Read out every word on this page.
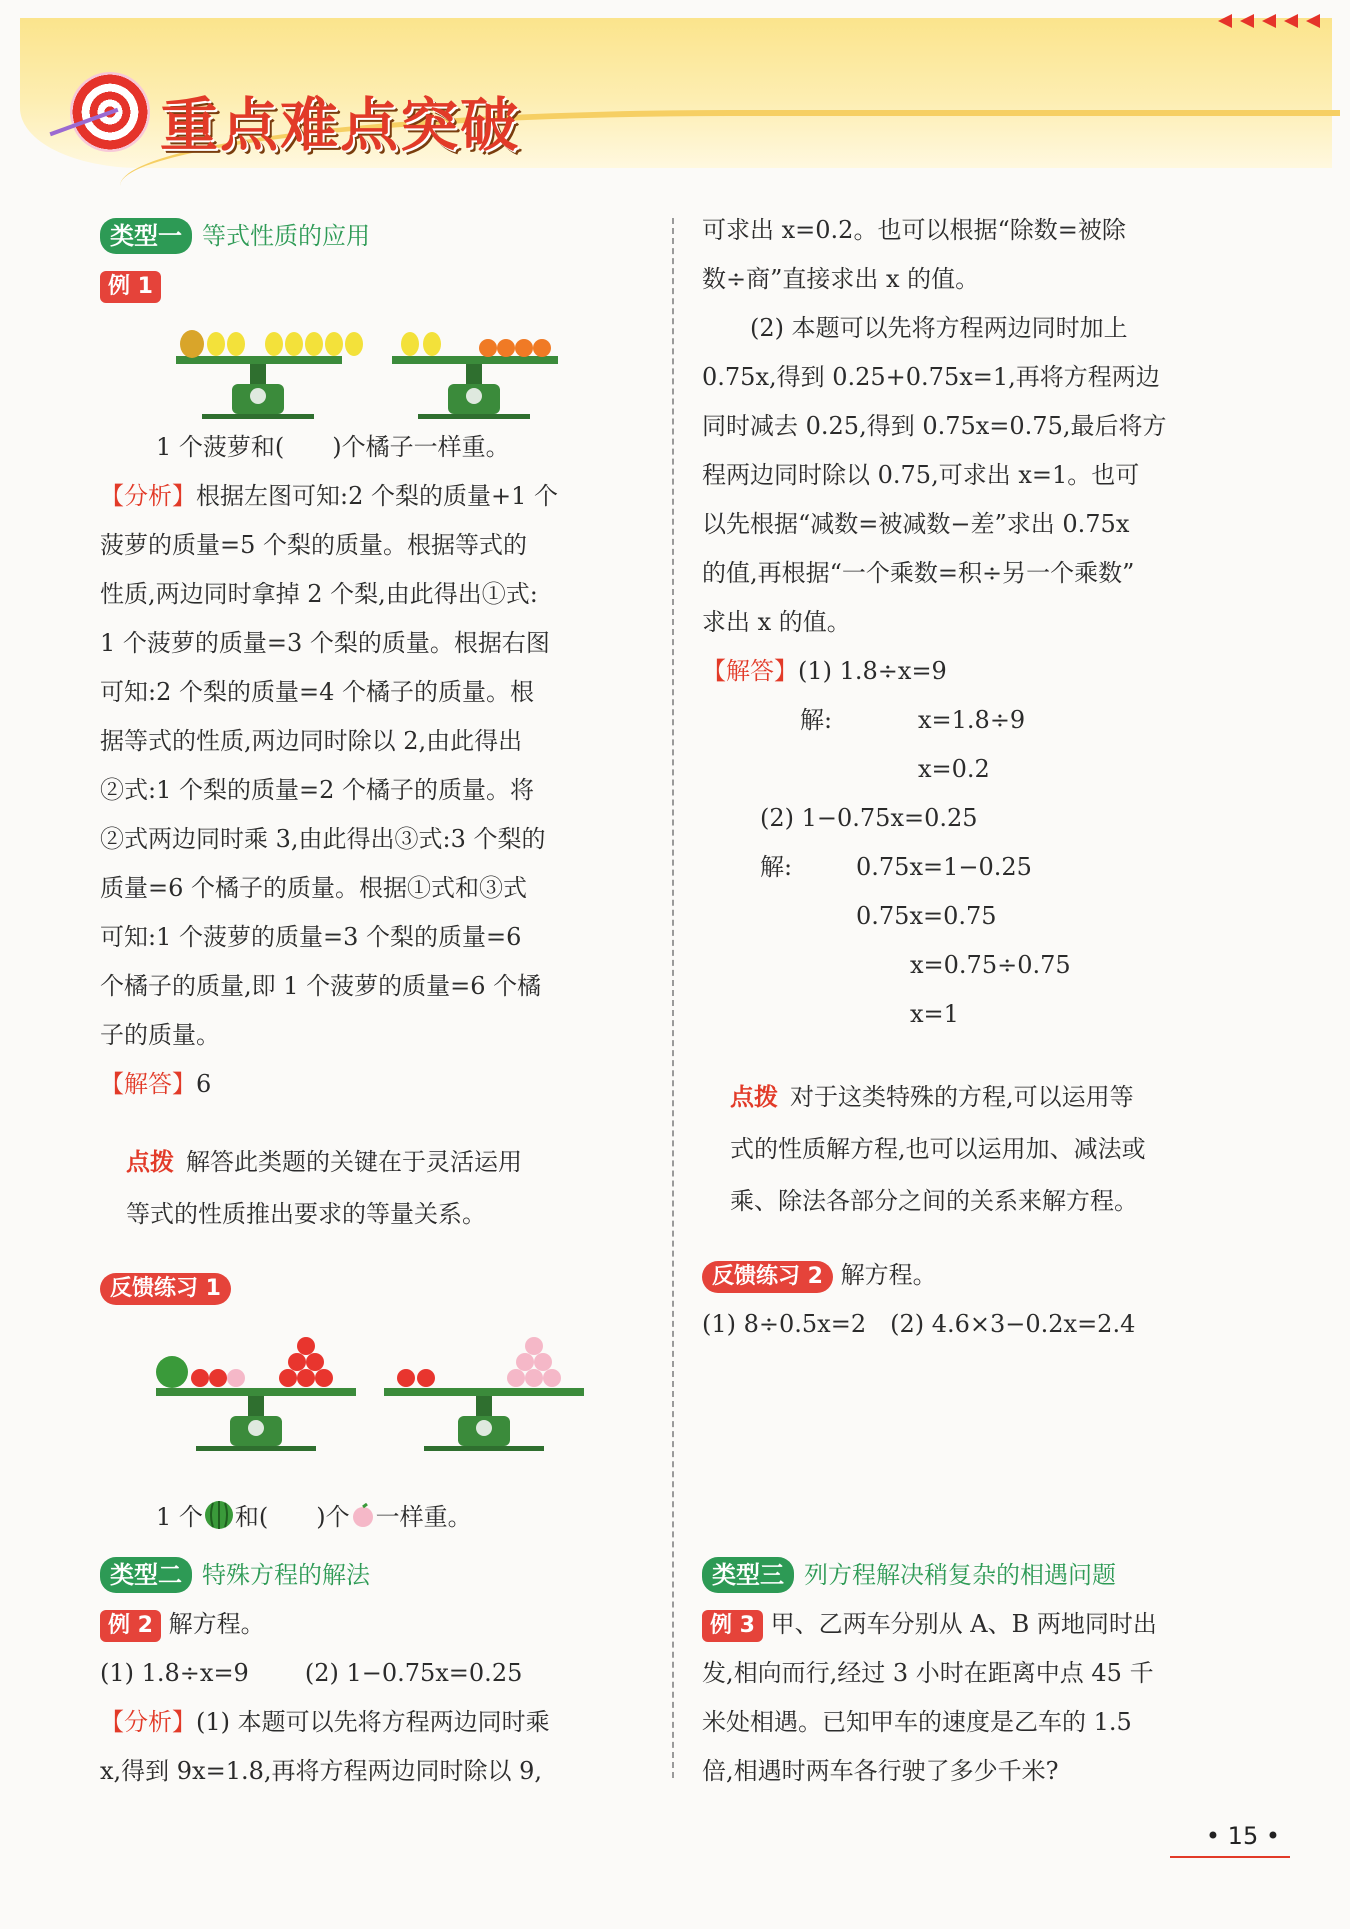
重点难点突破

类型一 等式性质的应用

例 1

1 个菠萝和(　　)个橘子一样重。

【分析】根据左图可知:2 个梨的质量+1 个

菠萝的质量=5 个梨的质量。根据等式的

性质,两边同时拿掉 2 个梨,由此得出①式:

1 个菠萝的质量=3 个梨的质量。根据右图

可知:2 个梨的质量=4 个橘子的质量。根

据等式的性质,两边同时除以 2,由此得出

②式:1 个梨的质量=2 个橘子的质量。将

②式两边同时乘 3,由此得出③式:3 个梨的

质量=6 个橘子的质量。根据①式和③式

可知:1 个菠萝的质量=3 个梨的质量=6

个橘子的质量,即 1 个菠萝的质量=6 个橘

子的质量。

【解答】6

点拨 解答此类题的关键在于灵活运用

等式的性质推出要求的等量关系。

反馈练习 1
1 个 和(　　)个 一样重。

类型二 特殊方程的解法

例 2 解方程。

(1) 1.8÷x=9 (2) 1−0.75x=0.25

【分析】(1) 本题可以先将方程两边同时乘

x,得到 9x=1.8,再将方程两边同时除以 9,

可求出 x=0.2。也可以根据“除数=被除

数÷商”直接求出 x 的值。

(2) 本题可以先将方程两边同时加上

0.75x,得到 0.25+0.75x=1,再将方程两边

同时减去 0.25,得到 0.75x=0.75,最后将方

程两边同时除以 0.75,可求出 x=1。也可

以先根据“减数=被减数−差”求出 0.75x

的值,再根据“一个乘数=积÷另一个乘数”

求出 x 的值。

【解答】(1) 1.8÷x=9

解:	x=1.8÷9

x=0.2

(2) 1−0.75x=0.25

解:	0.75x=1−0.25

0.75x=0.75

x=0.75÷0.75

x=1

点拨 对于这类特殊的方程,可以运用等

式的性质解方程,也可以运用加、减法或

乘、除法各部分之间的关系来解方程。

反馈练习 2 解方程。

(1) 8÷0.5x=2　(2) 4.6×3−0.2x=2.4

类型三 列方程解决稍复杂的相遇问题

例 3 甲、乙两车分别从 A、B 两地同时出

发,相向而行,经过 3 小时在距离中点 45 千

米处相遇。已知甲车的速度是乙车的 1.5

倍,相遇时两车各行驶了多少千米?

• 15 •
